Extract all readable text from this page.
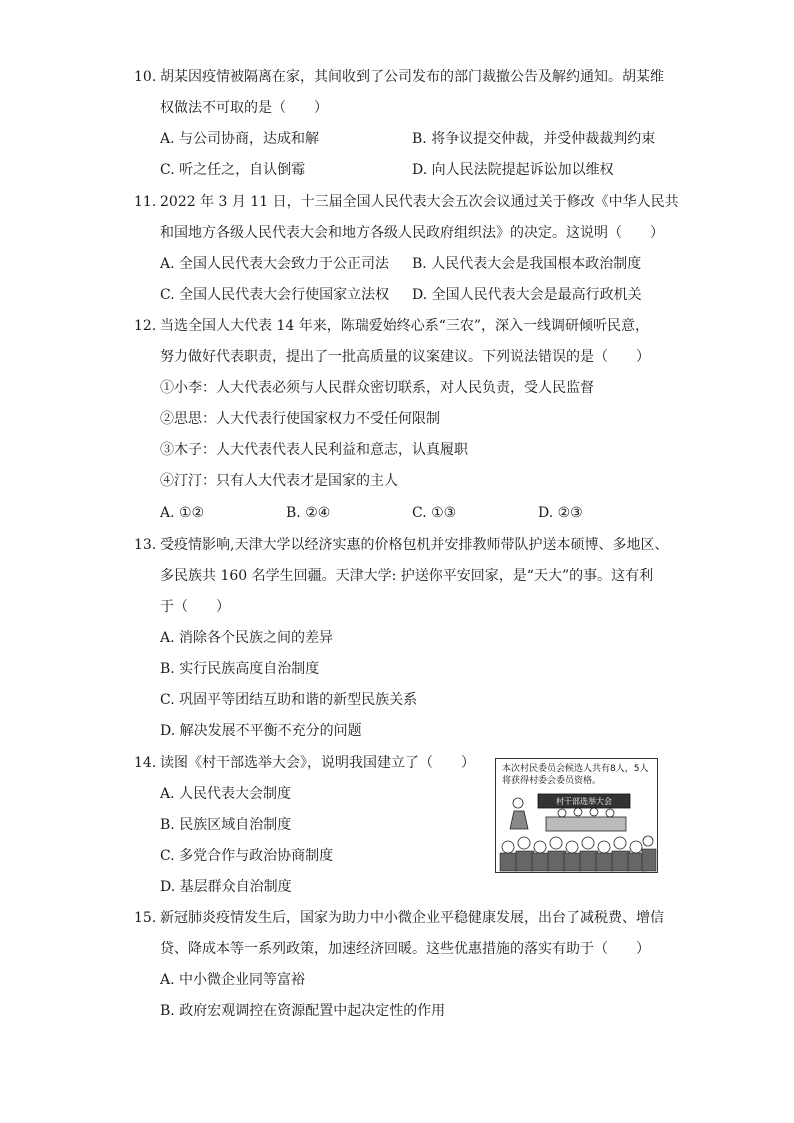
10. 胡某因疫情被隔离在家，其间收到了公司发布的部门裁撤公告及解约通知。胡某维
权做法不可取的是（　　）
A. 与公司协商，达成和解	B. 将争议提交仲裁，并受仲裁裁判约束
C. 听之任之，自认倒霉	D. 向人民法院提起诉讼加以维权
11. 2022 年 3 月 11 日，十三届全国人民代表大会五次会议通过关于修改《中华人民共
和国地方各级人民代表大会和地方各级人民政府组织法》的决定。这说明（　　）
A. 全国人民代表大会致力于公正司法 B. 人民代表大会是我国根本政治制度
C. 全国人民代表大会行使国家立法权 D. 全国人民代表大会是最高行政机关
12. 当选全国人大代表 14 年来，陈瑞爱始终心系“三农”，深入一线调研倾听民意，
努力做好代表职责，提出了一批高质量的议案建议。下列说法错误的是（　　）
①小李：人大代表必须与人民群众密切联系，对人民负责，受人民监督
②思思：人大代表行使国家权力不受任何限制
③木子：人大代表代表人民利益和意志，认真履职
④汀汀：只有人大代表才是国家的主人
A. ①②	B. ②④	C. ①③	D. ②③
13. 受疫情影响,天津大学以经济实惠的价格包机并安排教师带队护送本硕博、多地区、
多民族共 160 名学生回疆。天津大学: 护送你平安回家，是“天大”的事。这有利
于（　　）
A. 消除各个民族之间的差异
B. 实行民族高度自治制度
C. 巩固平等团结互助和谐的新型民族关系
D. 解决发展不平衡不充分的问题
14. 读图《村干部选举大会》，说明我国建立了（　　）
A. 人民代表大会制度
B. 民族区域自治制度
C. 多党合作与政治协商制度
D. 基层群众自治制度
本次村民委员会候选人共有8人，5人将获得村委会委员资格。
村干部选举大会
15. 新冠肺炎疫情发生后，国家为助力中小微企业平稳健康发展，出台了减税费、增信
贷、降成本等一系列政策，加速经济回暖。这些优惠措施的落实有助于（　　）
A. 中小微企业同等富裕
B. 政府宏观调控在资源配置中起决定性的作用
